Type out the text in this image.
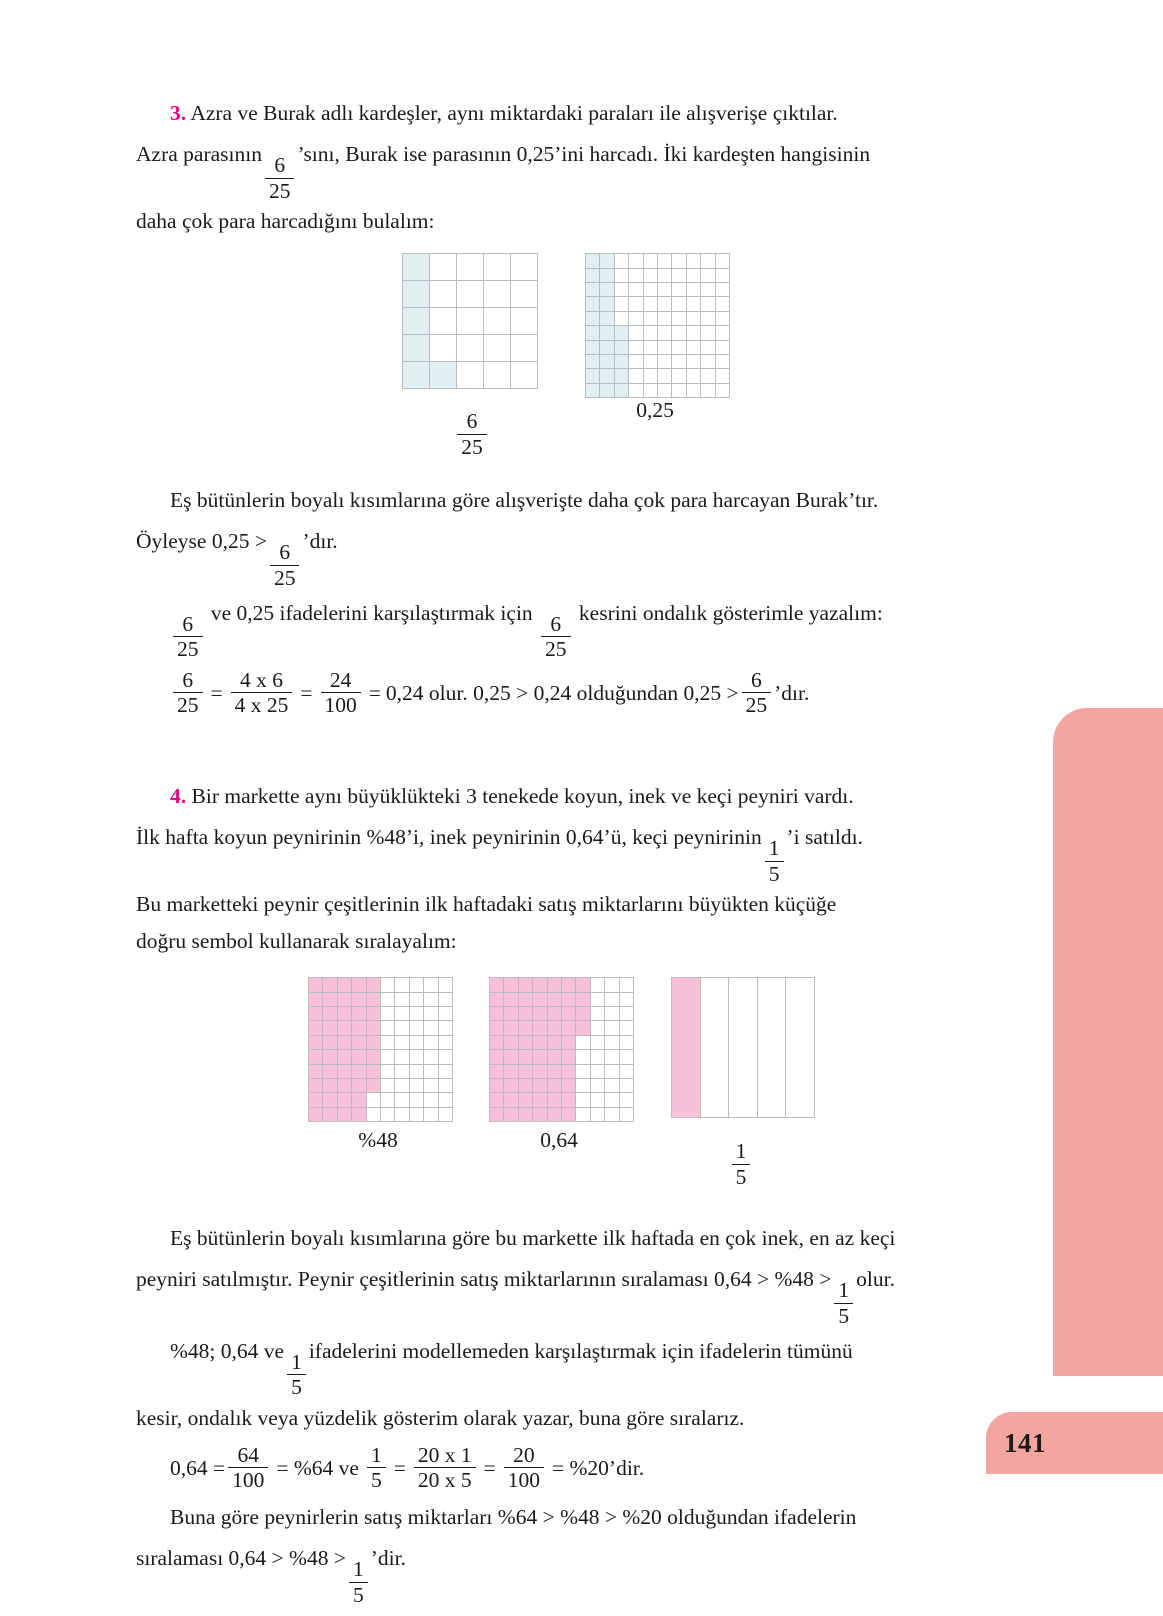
141

3. Azra ve Burak adlı kardeşler, aynı miktardaki paraları ile alışverişe çıktılar.

Azra parasının
$\frac{6}{25}$
’sını, Burak ise parasının 0,25’ini harcadı. İki kardeşten hangisinin

daha çok para harcadığını bulalım:

$\frac{6}{25}$

0,25

Eş bütünlerin boyalı kısımlarına göre alışverişte daha çok para harcayan Burak’tır.

Öyleyse 0,25 >
$\frac{6}{25}$
’dır.

$\frac{6}{25}$
ve 0,25 ifadelerini karşılaştırmak için
$\frac{6}{25}$
kesrini ondalık gösterimle yazalım:

$\frac{6}{25} = \frac{4 x 6}{4 x 25} = \frac{24}{100} = 0,24$ olur. 0,25 > 0,24 olduğundan $0,25 > \frac{6}{25}$ ’dır.

4. Bir markette aynı büyüklükteki 3 tenekede koyun, inek ve keçi peyniri vardı.

İlk hafta koyun peynirinin %48’i, inek peynirinin 0,64’ü, keçi peynirinin
$\frac{1}{5}$
’i satıldı.

Bu marketteki peynir çeşitlerinin ilk haftadaki satış miktarlarını büyükten küçüğe

doğru sembol kullanarak sıralayalım:

%48

										0,64

$\frac{1}{5}$

Eş bütünlerin boyalı kısımlarına göre bu markette ilk haftada en çok inek, en az keçi

peyniri satılmıştır. Peynir çeşitlerinin satış miktarlarının sıralaması 0,64 > %48 >
$\frac{1}{5}$
olur.

%48; 0,64 ve
$\frac{1}{5}$
ifadelerini modellemeden karşılaştırmak için ifadelerin tümünü

kesir, ondalık veya yüzdelik gösterim olarak yazar, buna göre sıralarız.

$0,64 = \frac{64}{100} = \%64$ ve $\frac{1}{5} = \frac{20 x 1}{20 x 5} = \frac{20}{100}$ = %20’dir.

Buna göre peynirlerin satış miktarları %64 > %48 > %20 olduğundan ifadelerin

sıralaması 0,64 > %48 >
$\frac{1}{5}$
’dir.
